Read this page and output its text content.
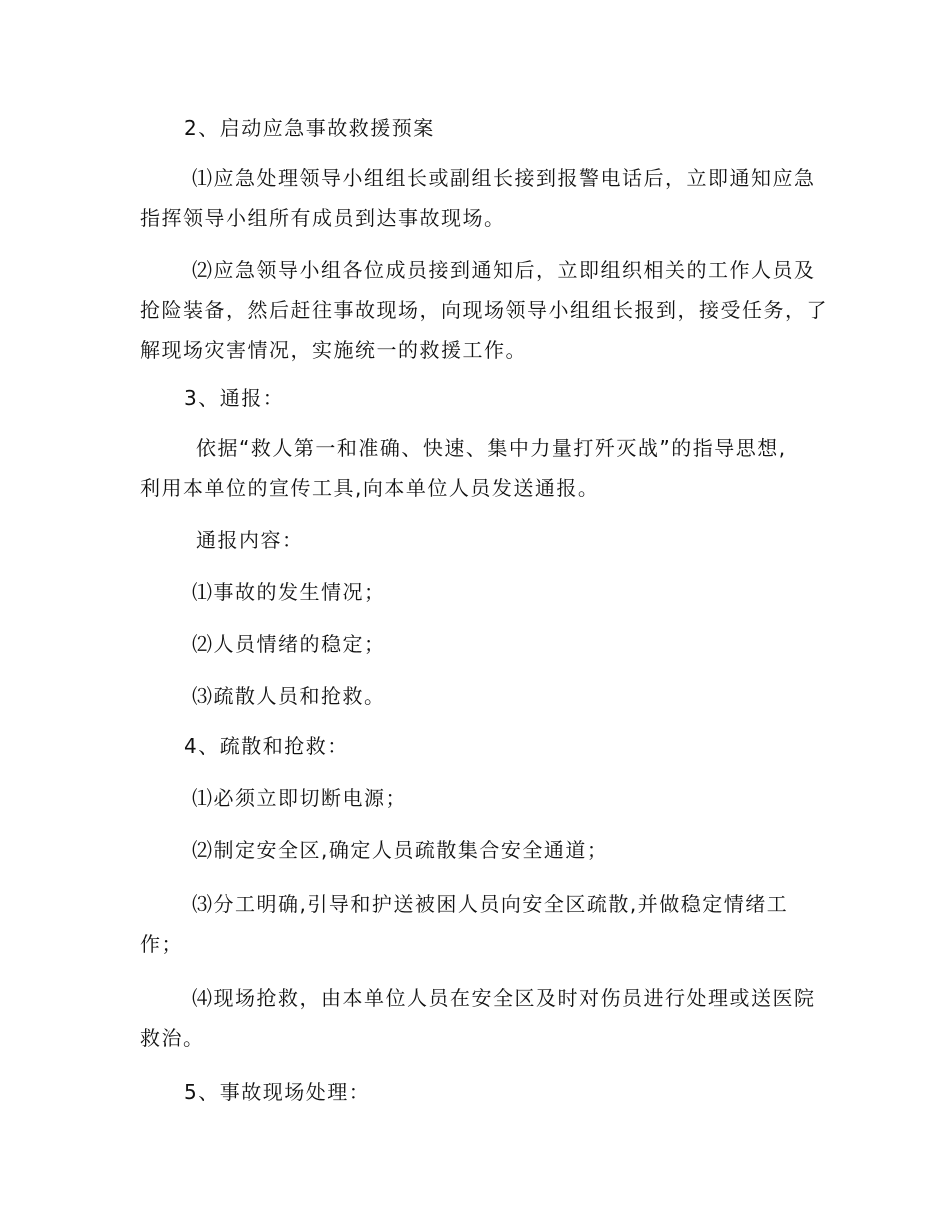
2、启动应急事故救援预案
⑴应急处理领导小组组长或副组长接到报警电话后，立即通知应急指挥领导小组所有成员到达事故现场。
⑵应急领导小组各位成员接到通知后，立即组织相关的工作人员及抢险装备，然后赶往事故现场，向现场领导小组组长报到，接受任务，了解现场灾害情况，实施统一的救援工作。
3、通报：
依据“救人第一和准确、快速、集中力量打歼灭战”的指导思想,利用本单位的宣传工具,向本单位人员发送通报。
通报内容：
⑴事故的发生情况；
⑵人员情绪的稳定；
⑶疏散人员和抢救。
4、疏散和抢救：
⑴必须立即切断电源；
⑵制定安全区,确定人员疏散集合安全通道；
⑶分工明确,引导和护送被困人员向安全区疏散,并做稳定情绪工作；
⑷现场抢救，由本单位人员在安全区及时对伤员进行处理或送医院救治。
5、事故现场处理：
